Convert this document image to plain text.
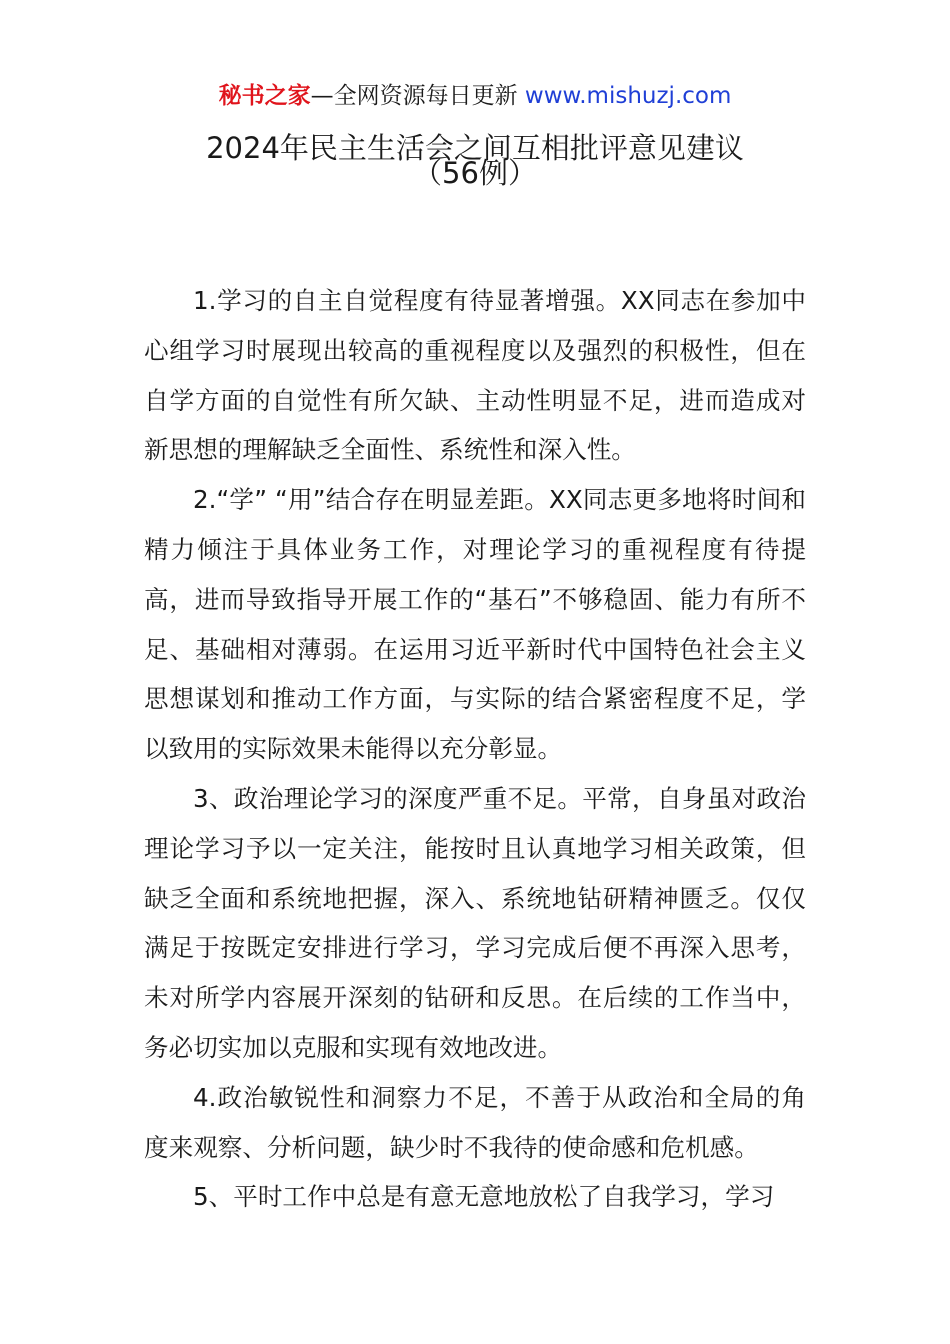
秘书之家—全网资源每日更新 www.mishuzj.com
2024年民主生活会之间互相批评意见建议
（56例）

1.学习的自主自觉程度有待显著增强。XX同志在参加中心组学习时展现出较高的重视程度以及强烈的积极性，但在自学方面的自觉性有所欠缺、主动性明显不足，进而造成对新思想的理解缺乏全面性、系统性和深入性。

2.“学” “用”结合存在明显差距。XX同志更多地将时间和精力倾注于具体业务工作，对理论学习的重视程度有待提高，进而导致指导开展工作的“基石”不够稳固、能力有所不足、基础相对薄弱。在运用习近平新时代中国特色社会主义思想谋划和推动工作方面，与实际的结合紧密程度不足，学以致用的实际效果未能得以充分彰显。

3、政治理论学习的深度严重不足。平常，自身虽对政治理论学习予以一定关注，能按时且认真地学习相关政策，但缺乏全面和系统地把握，深入、系统地钻研精神匮乏。仅仅满足于按既定安排进行学习，学习完成后便不再深入思考，未对所学内容展开深刻的钻研和反思。在后续的工作当中，务必切实加以克服和实现有效地改进。

4.政治敏锐性和洞察力不足，不善于从政治和全局的角度来观察、分析问题，缺少时不我待的使命感和危机感。

5、平时工作中总是有意无意地放松了自我学习，学习
